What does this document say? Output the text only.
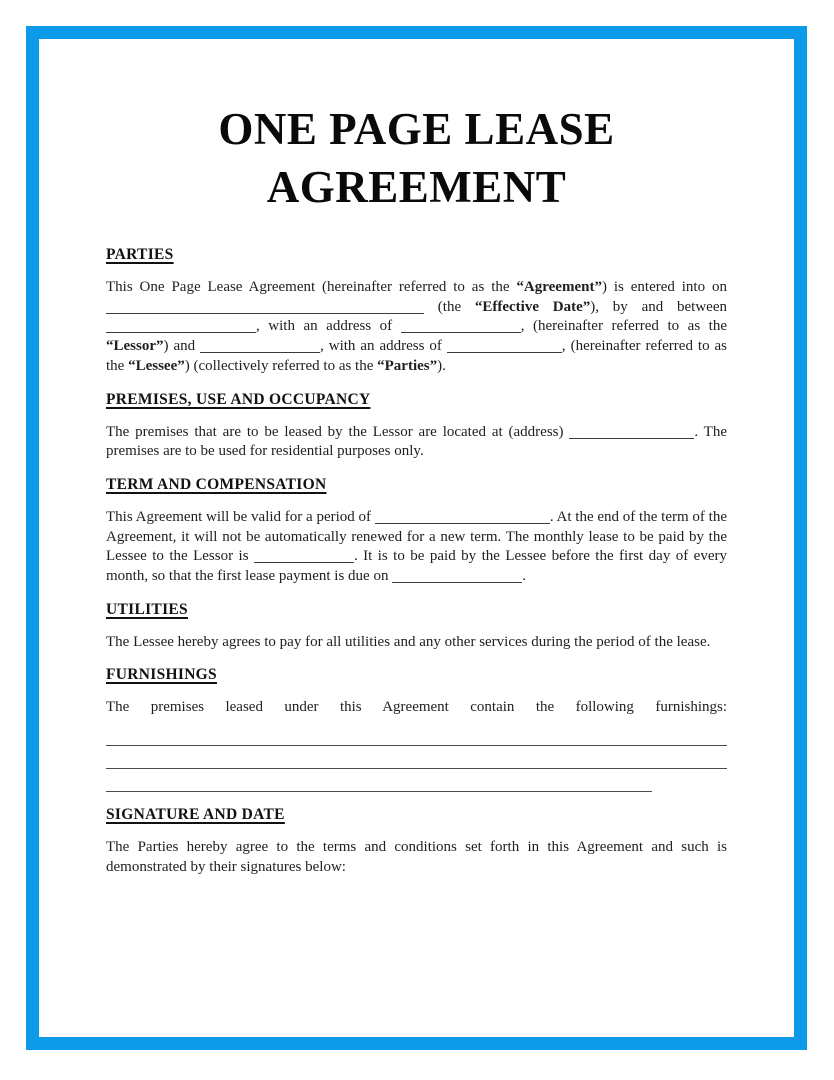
ONE PAGE LEASE
AGREEMENT
PARTIES

This One Page Lease Agreement (hereinafter referred to as the “Agreement”) is entered into on  (the “Effective Date”), by and between , with an address of	, (hereinafter referred to as the “Lessor”) and	, with an address of	, (hereinafter referred to as the “Lessee”) (collectively referred to as the “Parties”).

PREMISES, USE AND OCCUPANCY

The premises that are to be leased by the Lessor are located at (address)	. The premises are to be used for residential purposes only.

TERM AND COMPENSATION

This Agreement will be valid for a period of	. At the end of the term of the Agreement, it will not be automatically renewed for a new term. The monthly lease to be paid by the Lessee to the Lessor is	. It is to be paid by the Lessee before the first day of every month, so that the first lease payment is due on	.

UTILITIES

The Lessee hereby agrees to pay for all utilities and any other services during the period of the lease.

FURNISHINGS

The premises leased under this Agreement contain the following furnishings:

SIGNATURE AND DATE

The Parties hereby agree to the terms and conditions set forth in this Agreement and such is demonstrated by their signatures below:
